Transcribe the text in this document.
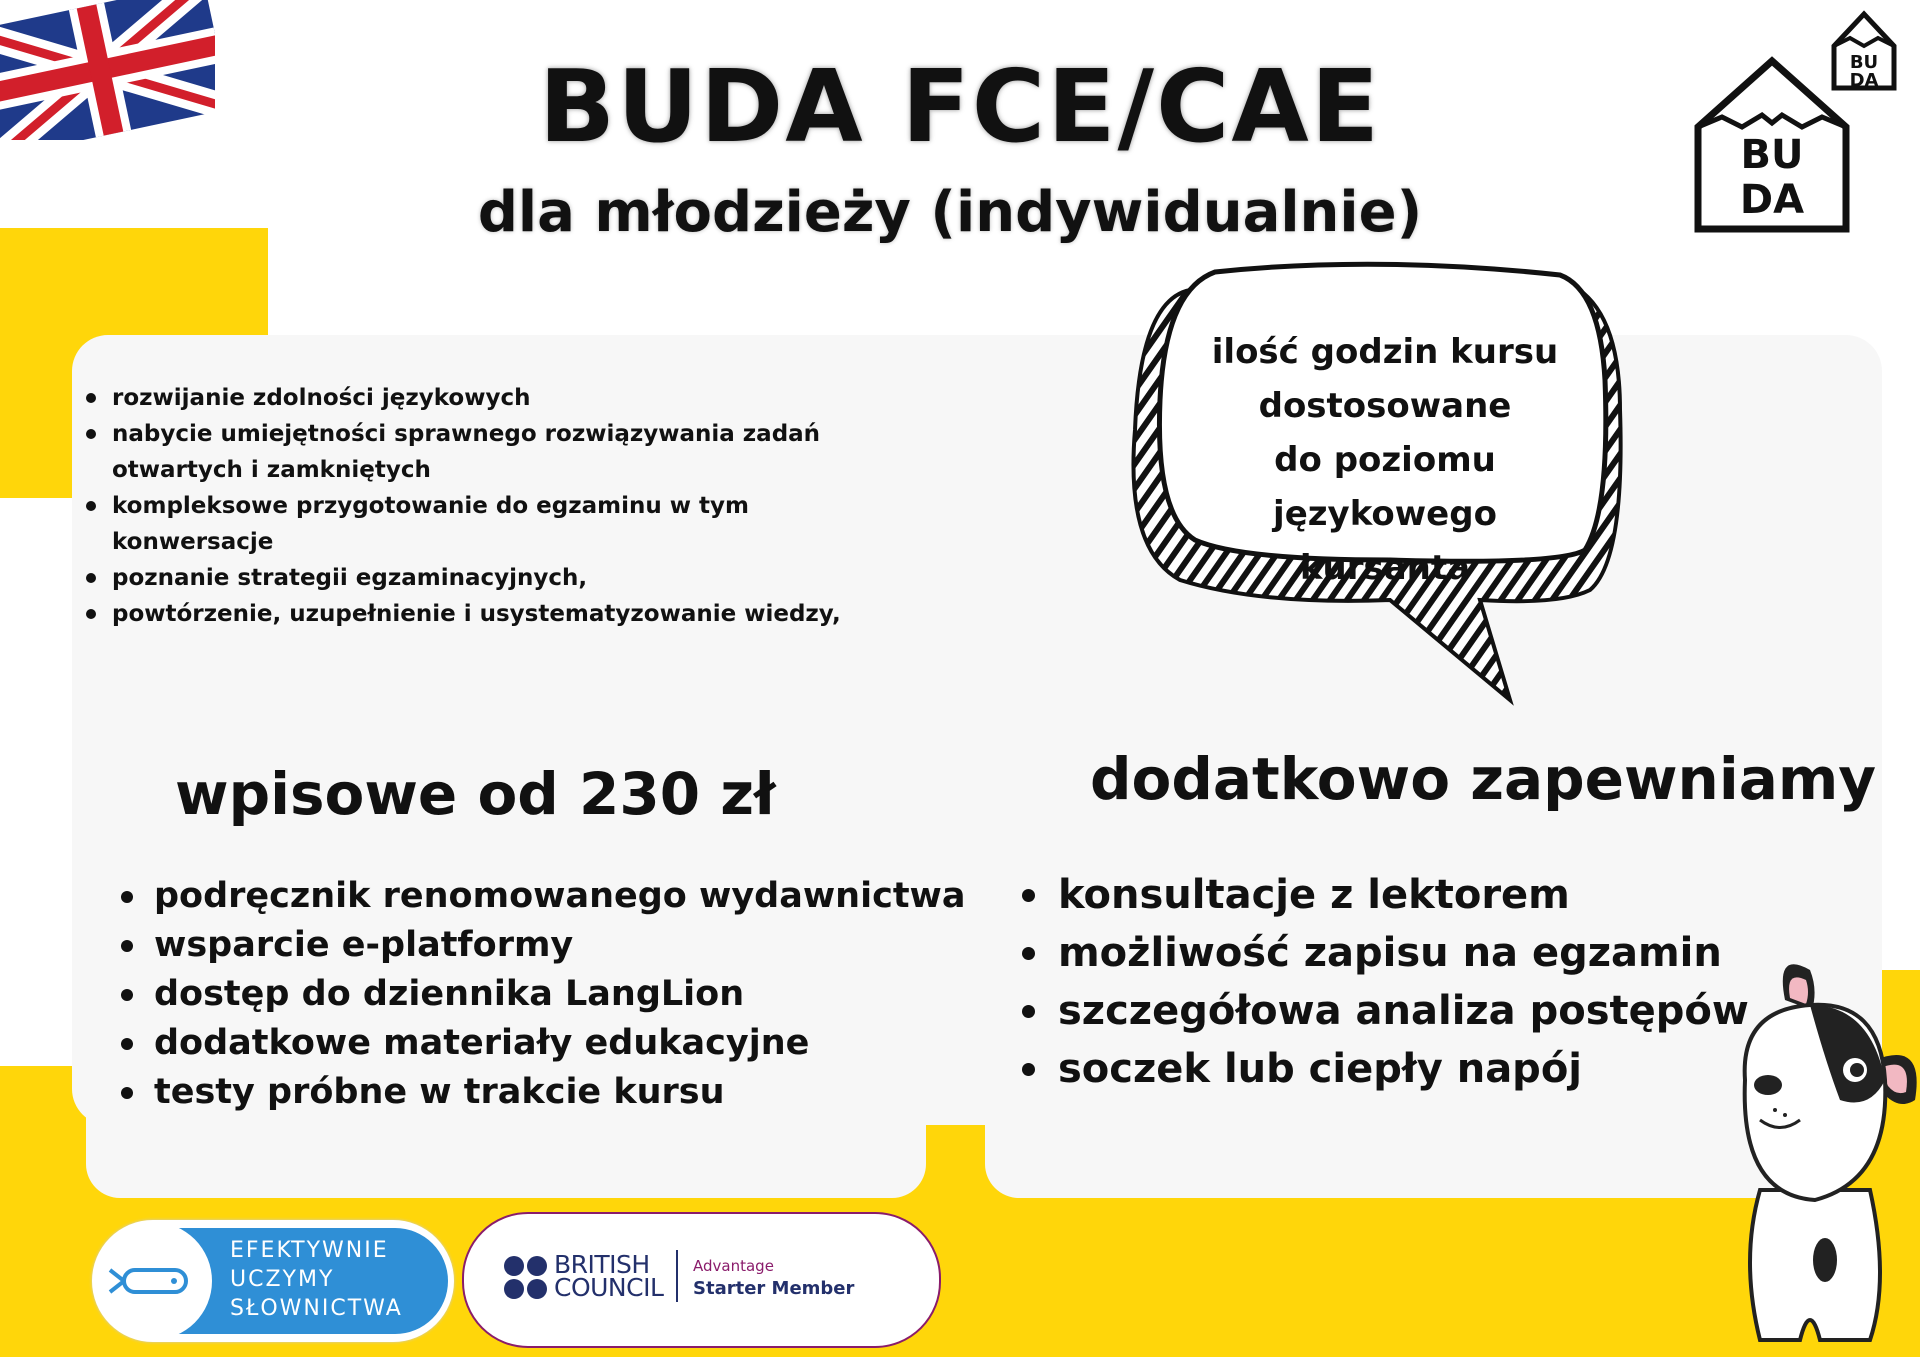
BU
DA
BU
DA
BUDA FCE/CAE
dla młodzieży (indywidualnie)
rozwijanie zdolności językowych
nabycie umiejętności sprawnego rozwiązywania zadań otwartych i zamkniętych
kompleksowe przygotowanie do egzaminu w tym konwersacje
poznanie strategii egzaminacyjnych,
powtórzenie, uzupełnienie i usystematyzowanie wiedzy,
ilość godzin kursu
dostosowane
do poziomu językowego
kursanta
wpisowe od 230 zł
podręcznik renomowanego wydawnictwa
wsparcie e-platformy
dostęp do dziennika LangLion
dodatkowe materiały edukacyjne
testy próbne w trakcie kursu
dodatkowo zapewniamy
konsultacje z lektorem
możliwość zapisu na egzamin
szczegółowa analiza postępów
soczek lub ciepły napój
EFEKTYWNIE
UCZYMY
SŁOWNICTWA
BRITISH
COUNCIL
Advantage
Starter Member
